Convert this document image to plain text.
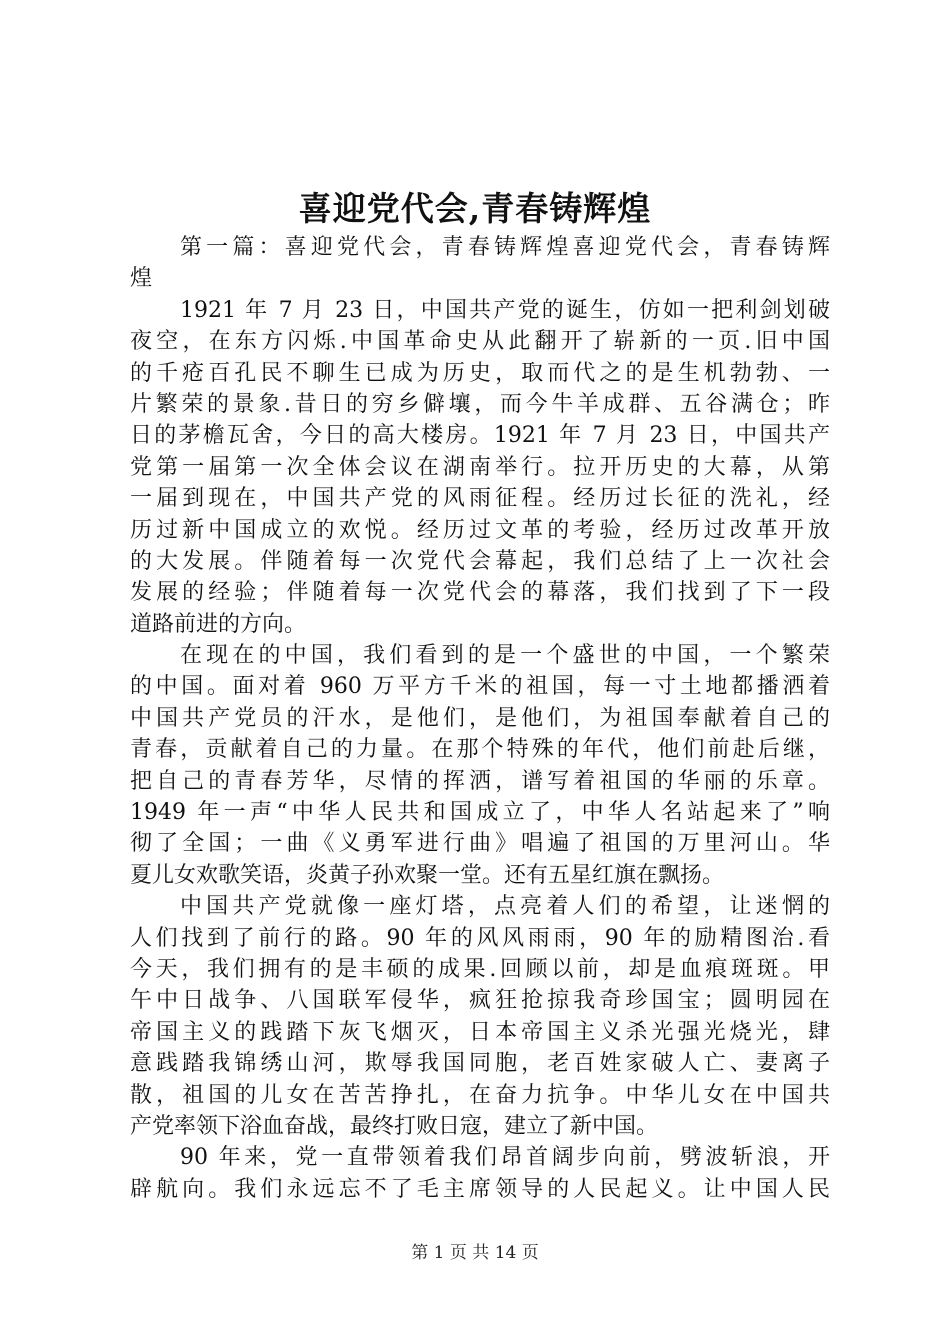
喜迎党代会,青春铸辉煌
第一篇：喜迎党代会，青春铸辉煌喜迎党代会，青春铸辉
煌
1921 年 7 月 23 日，中国共产党的诞生，仿如一把利剑划破
夜空，在东方闪烁.中国革命史从此翻开了崭新的一页.旧中国
的千疮百孔民不聊生已成为历史，取而代之的是生机勃勃、一
片繁荣的景象.昔日的穷乡僻壤，而今牛羊成群、五谷满仓；昨
日的茅檐瓦舍，今日的高大楼房。1921 年 7 月 23 日，中国共产
党第一届第一次全体会议在湖南举行。拉开历史的大幕，从第
一届到现在，中国共产党的风雨征程。经历过长征的洗礼，经
历过新中国成立的欢悦。经历过文革的考验，经历过改革开放
的大发展。伴随着每一次党代会幕起，我们总结了上一次社会
发展的经验；伴随着每一次党代会的幕落，我们找到了下一段
道路前进的方向。
在现在的中国，我们看到的是一个盛世的中国，一个繁荣
的中国。面对着 960 万平方千米的祖国，每一寸土地都播洒着
中国共产党员的汗水，是他们，是他们，为祖国奉献着自己的
青春，贡献着自己的力量。在那个特殊的年代，他们前赴后继，
把自己的青春芳华，尽情的挥洒，谱写着祖国的华丽的乐章。
1949 年一声“中华人民共和国成立了，中华人名站起来了”响
彻了全国；一曲《义勇军进行曲》唱遍了祖国的万里河山。华
夏儿女欢歌笑语，炎黄子孙欢聚一堂。还有五星红旗在飘扬。
中国共产党就像一座灯塔，点亮着人们的希望，让迷惘的
人们找到了前行的路。90 年的风风雨雨，90 年的励精图治.看
今天，我们拥有的是丰硕的成果.回顾以前，却是血痕斑斑。甲
午中日战争、八国联军侵华，疯狂抢掠我奇珍国宝；圆明园在
帝国主义的践踏下灰飞烟灭，日本帝国主义杀光强光烧光，肆
意践踏我锦绣山河，欺辱我国同胞，老百姓家破人亡、妻离子
散，祖国的儿女在苦苦挣扎，在奋力抗争。中华儿女在中国共
产党率领下浴血奋战，最终打败日寇，建立了新中国。
90 年来，党一直带领着我们昂首阔步向前，劈波斩浪，开
辟航向。我们永远忘不了毛主席领导的人民起义。让中国人民
第 1 页 共 14 页
